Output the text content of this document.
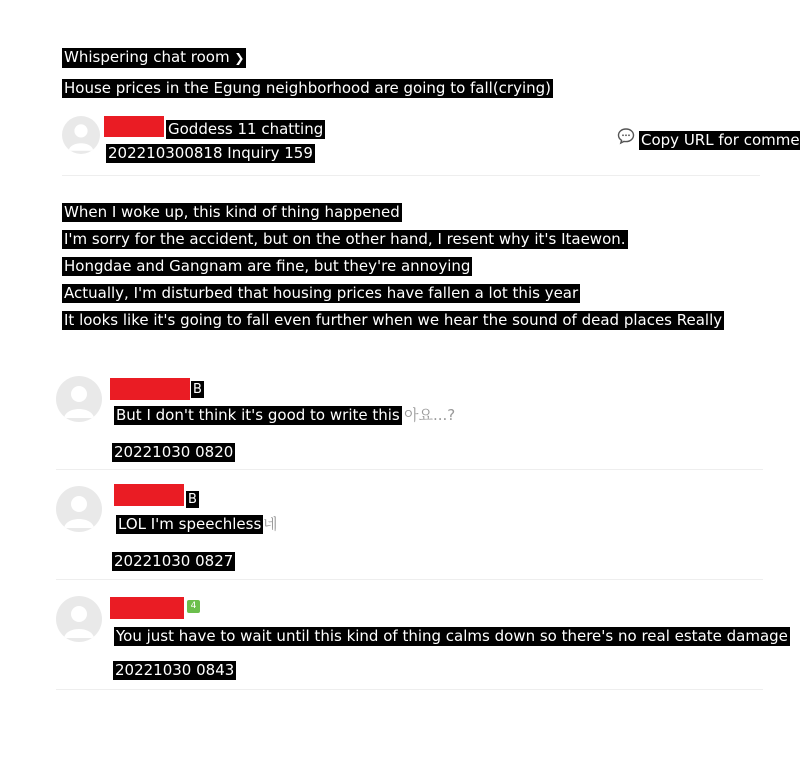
Whispering chat room ❯
House prices in the Egung neighborhood are going to fall(crying)
Goddess 11 chatting
202210300818 Inquiry 159
Copy URL for comme
When I woke up, this kind of thing happened
I'm sorry for the accident, but on the other hand, I resent why it's Itaewon.
Hongdae and Gangnam are fine, but they're annoying
Actually, I'm disturbed that housing prices have fallen a lot this year
It looks like it's going to fall even further when we hear the sound of dead places Really
B
But I don't think it's good to write this 아요...?
20221030 0820
B
LOL I'm speechless 네
20221030 0827
4
You just have to wait until this kind of thing calms down so there's no real estate damage
20221030 0843
